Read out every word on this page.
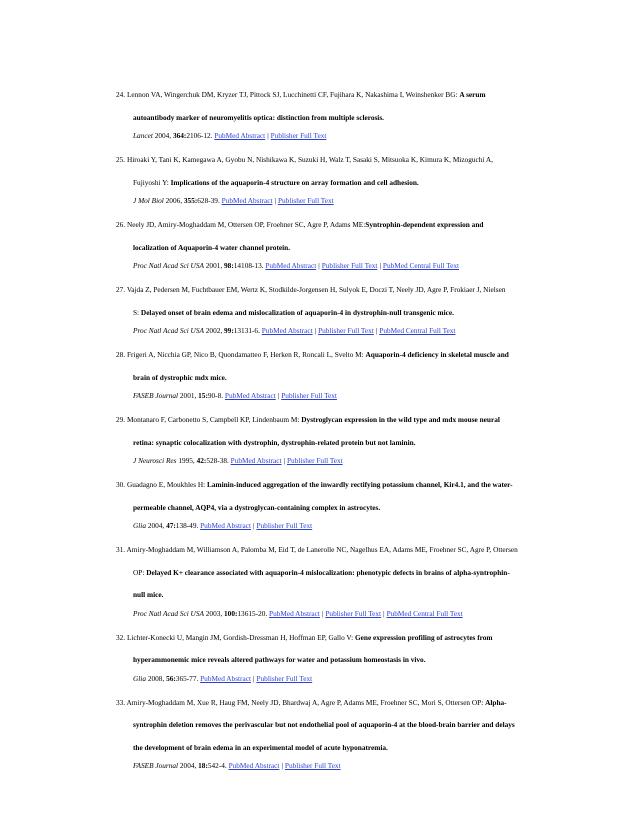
24. Lennon VA, Wingerchuk DM, Kryzer TJ, Pittock SJ, Lucchinetti CF, Fujihara K, Nakashima I, Weinshenker BG: A serum
autoantibody marker of neuromyelitis optica: distinction from multiple sclerosis.
Lancet 2004, 364:2106-12. PubMed Abstract | Publisher Full Text
25. Hiroaki Y, Tani K, Kamegawa A, Gyobu N, Nishikawa K, Suzuki H, Walz T, Sasaki S, Mitsuoka K, Kimura K, Mizoguchi A,
Fujiyoshi Y: Implications of the aquaporin-4 structure on array formation and cell adhesion.
J Mol Biol 2006, 355:628-39. PubMed Abstract | Publisher Full Text
26. Neely JD, Amiry-Moghaddam M, Ottersen OP, Froehner SC, Agre P, Adams ME:Syntrophin-dependent expression and
localization of Aquaporin-4 water channel protein.
Proc Natl Acad Sci USA 2001, 98:14108-13. PubMed Abstract | Publisher Full Text | PubMed Central Full Text
27. Vajda Z, Pedersen M, Fuchtbauer EM, Wertz K, Stodkilde-Jorgensen H, Sulyok E, Doczi T, Neely JD, Agre P, Frokiaer J, Nielsen
S: Delayed onset of brain edema and mislocalization of aquaporin-4 in dystrophin-null transgenic mice.
Proc Natl Acad Sci USA 2002, 99:13131-6. PubMed Abstract | Publisher Full Text | PubMed Central Full Text
28. Frigeri A, Nicchia GP, Nico B, Quondamatteo F, Herken R, Roncali L, Svelto M: Aquaporin-4 deficiency in skeletal muscle and
brain of dystrophic mdx mice.
FASEB Journal 2001, 15:90-8. PubMed Abstract | Publisher Full Text
29. Montanaro F, Carbonetto S, Campbell KP, Lindenbaum M: Dystroglycan expression in the wild type and mdx mouse neural
retina: synaptic colocalization with dystrophin, dystrophin-related protein but not laminin.
J Neurosci Res 1995, 42:528-38. PubMed Abstract | Publisher Full Text
30. Guadagno E, Moukhles H: Laminin-induced aggregation of the inwardly rectifying potassium channel, Kir4.1, and the water-
permeable channel, AQP4, via a dystroglycan-containing complex in astrocytes.
Glia 2004, 47:138-49. PubMed Abstract | Publisher Full Text
31. Amiry-Moghaddam M, Williamson A, Palomba M, Eid T, de Lanerolle NC, Nagelhus EA, Adams ME, Froehner SC, Agre P, Ottersen
OP: Delayed K+ clearance associated with aquaporin-4 mislocalization: phenotypic defects in brains of alpha-syntrophin-
null mice.
Proc Natl Acad Sci USA 2003, 100:13615-20. PubMed Abstract | Publisher Full Text | PubMed Central Full Text
32. Lichter-Konecki U, Mangin JM, Gordish-Dressman H, Hoffman EP, Gallo V: Gene expression profiling of astrocytes from
hyperammonemic mice reveals altered pathways for water and potassium homeostasis in vivo.
Glia 2008, 56:365-77. PubMed Abstract | Publisher Full Text
33. Amiry-Moghaddam M, Xue R, Haug FM, Neely JD, Bhardwaj A, Agre P, Adams ME, Froehner SC, Mori S, Ottersen OP: Alpha-
syntrophin deletion removes the perivascular but not endothelial pool of aquaporin-4 at the blood-brain barrier and delays
the development of brain edema in an experimental model of acute hyponatremia.
FASEB Journal 2004, 18:542-4. PubMed Abstract | Publisher Full Text
